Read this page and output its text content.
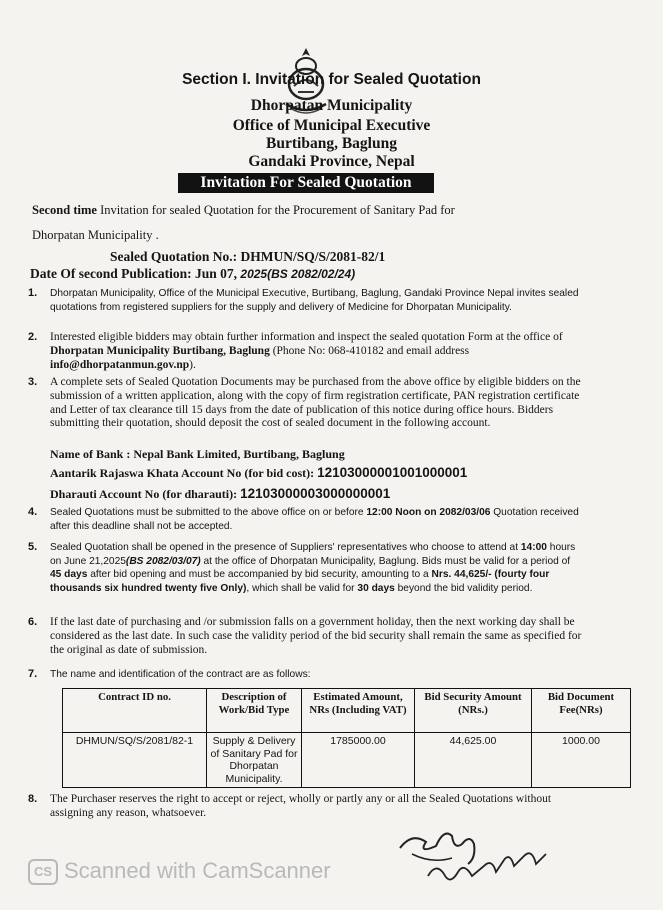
Section I. Invitation for Sealed Quotation
Dhorpatan Municipality
Office of Municipal Executive
Burtibang, Baglung
Gandaki Province, Nepal
Invitation For Sealed Quotation
Second time Invitation for sealed Quotation for the Procurement of Sanitary Pad for
Dhorpatan Municipality .
Sealed Quotation No.: DHMUN/SQ/S/2081-82/1
Date Of second Publication: Jun 07, 2025(BS 2082/02/24)
1. Dhorpatan Municipality, Office of the Municipal Executive, Burtibang, Baglung, Gandaki Province Nepal invites sealed quotations from registered suppliers for the supply and delivery of Medicine for Dhorpatan Municipality.
2. Interested eligible bidders may obtain further information and inspect the sealed quotation Form at the office of Dhorpatan Municipality Burtibang, Baglung (Phone No: 068-410182 and email address info@dhorpatanmun.gov.np).
3. A complete sets of Sealed Quotation Documents may be purchased from the above office by eligible bidders on the submission of a written application, along with the copy of firm registration certificate, PAN registration certificate and Letter of tax clearance till 15 days from the date of publication of this notice during office hours. Bidders submitting their quotation, should deposit the cost of sealed document in the following account.
Name of Bank : Nepal Bank Limited, Burtibang, Baglung
Aantarik Rajaswa Khata Account No (for bid cost): 12103000001001000001
Dharauti Account No (for dharauti): 12103000003000000001
4. Sealed Quotations must be submitted to the above office on or before 12:00 Noon on 2082/03/06 Quotation received after this deadline shall not be accepted.
5. Sealed Quotation shall be opened in the presence of Suppliers' representatives who choose to attend at 14:00 hours on June 21,2025(BS 2082/03/07) at the office of Dhorpatan Municipality, Baglung. Bids must be valid for a period of 45 days after bid opening and must be accompanied by bid security, amounting to a Nrs. 44,625/- (fourty four thousands six hundred twenty five Only), which shall be valid for 30 days beyond the bid validity period.
6. If the last date of purchasing and /or submission falls on a government holiday, then the next working day shall be considered as the last date. In such case the validity period of the bid security shall remain the same as specified for the original as date of submission.
7. The name and identification of the contract are as follows:
Contract ID no.	Description of Work/Bid Type	Estimated Amount, NRs (Including VAT)	Bid Security Amount (NRs.)	Bid Document Fee(NRs)
DHMUN/SQ/S/2081/82-1	Supply & Delivery of Sanitary Pad for Dhorpatan Municipality.	1785000.00	44,625.00	1000.00
8. The Purchaser reserves the right to accept or reject, wholly or partly any or all the Sealed Quotations without assigning any reason, whatsoever.
CS Scanned with CamScanner
